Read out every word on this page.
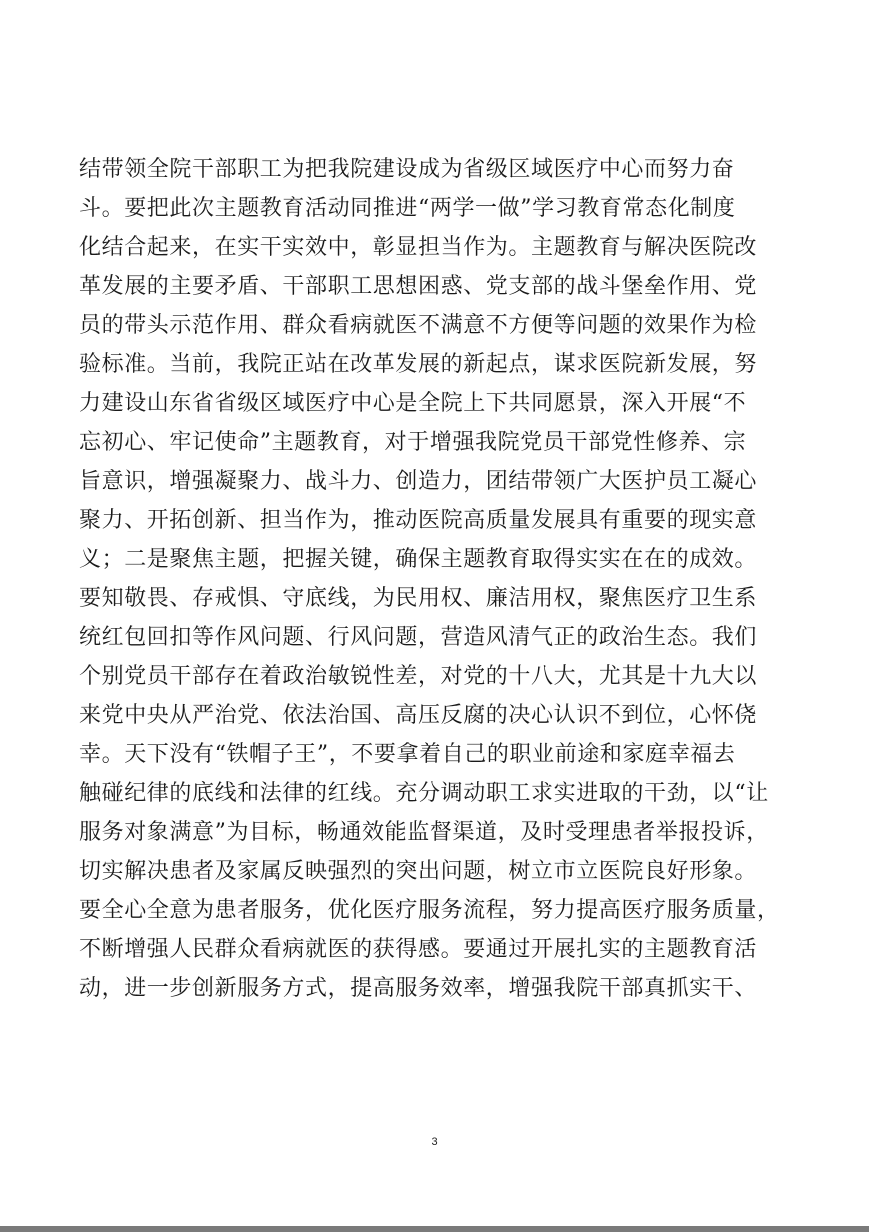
结带领全院干部职工为把我院建设成为省级区域医疗中心而努力奋
斗。要把此次主题教育活动同推进“两学一做”学习教育常态化制度
化结合起来，在实干实效中，彰显担当作为。主题教育与解决医院改
革发展的主要矛盾、干部职工思想困惑、党支部的战斗堡垒作用、党
员的带头示范作用、群众看病就医不满意不方便等问题的效果作为检
验标准。当前，我院正站在改革发展的新起点，谋求医院新发展，努
力建设山东省省级区域医疗中心是全院上下共同愿景，深入开展“不
忘初心、牢记使命”主题教育，对于增强我院党员干部党性修养、宗
旨意识，增强凝聚力、战斗力、创造力，团结带领广大医护员工凝心
聚力、开拓创新、担当作为，推动医院高质量发展具有重要的现实意
义；二是聚焦主题，把握关键，确保主题教育取得实实在在的成效。
要知敬畏、存戒惧、守底线，为民用权、廉洁用权，聚焦医疗卫生系
统红包回扣等作风问题、行风问题，营造风清气正的政治生态。我们
个别党员干部存在着政治敏锐性差，对党的十八大，尤其是十九大以
来党中央从严治党、依法治国、高压反腐的决心认识不到位，心怀侥
幸。天下没有“铁帽子王”，不要拿着自己的职业前途和家庭幸福去
触碰纪律的底线和法律的红线。充分调动职工求实进取的干劲，以“让
服务对象满意”为目标，畅通效能监督渠道，及时受理患者举报投诉，
切实解决患者及家属反映强烈的突出问题，树立市立医院良好形象。
要全心全意为患者服务，优化医疗服务流程，努力提高医疗服务质量，
不断增强人民群众看病就医的获得感。要通过开展扎实的主题教育活
动，进一步创新服务方式，提高服务效率，增强我院干部真抓实干、
3
